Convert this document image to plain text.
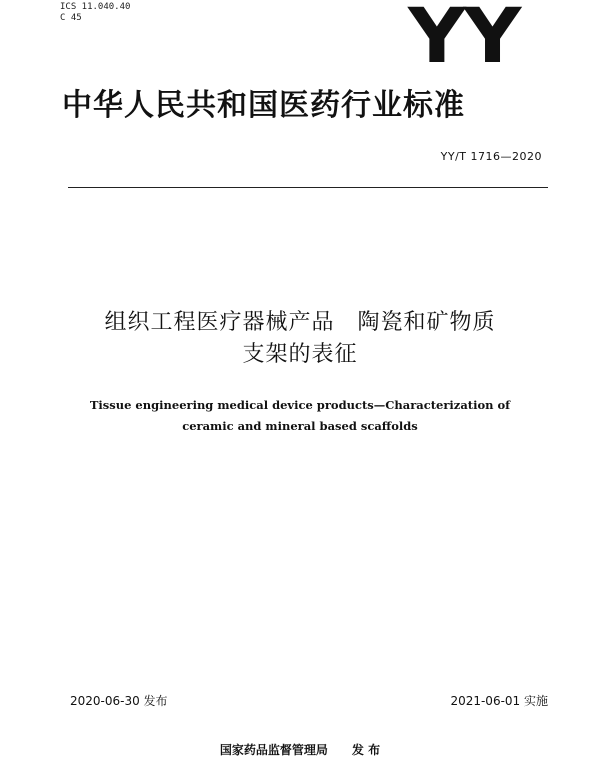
ICS 11.040.40
C 45	YY
中华人民共和国医药行业标准
YY/T 1716—2020
组织工程医疗器械产品　陶瓷和矿物质
支架的表征
Tissue engineering medical device products—Characterization of
ceramic and mineral based scaffolds
2020-06-30 发布	2021-06-01 实施
国家药品监督管理局　　发 布
